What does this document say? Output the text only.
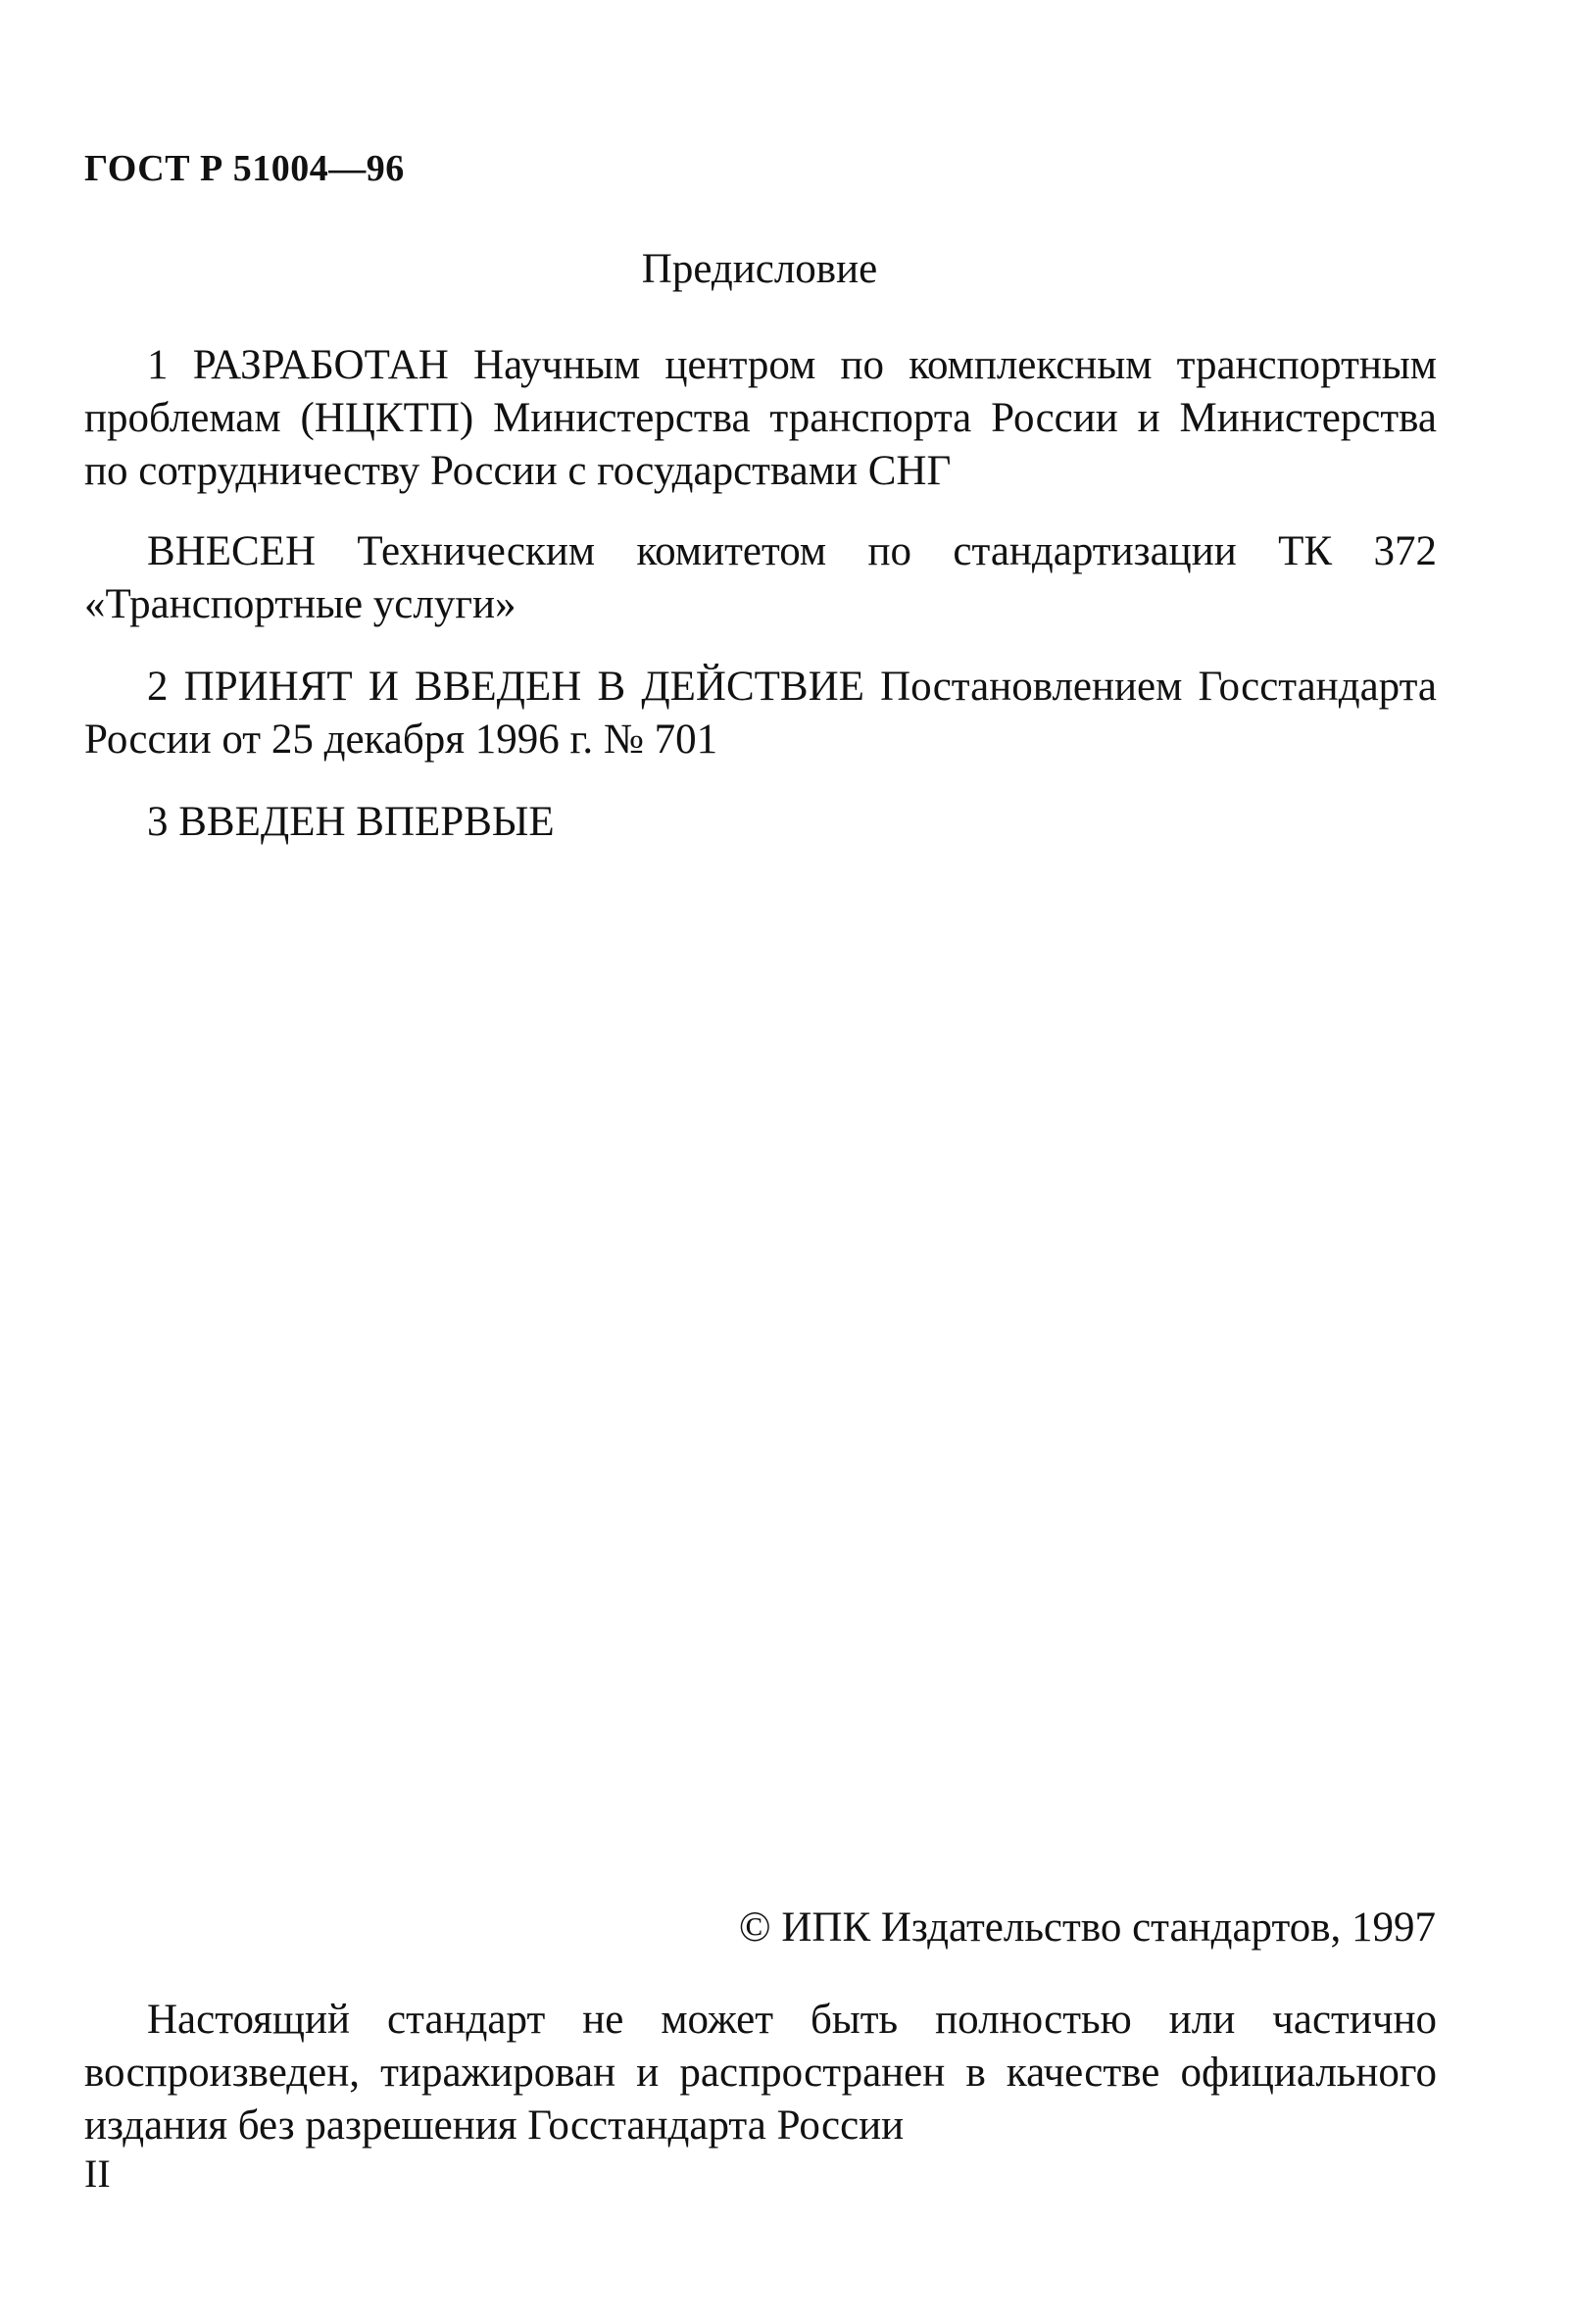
ГОСТ Р 51004—96
Предисловие
1 РАЗРАБОТАН Научным центром по комплексным транспортным проблемам (НЦКТП) Министерства транспорта России и Министерства по сотрудничеству России с государствами СНГ
ВНЕСЕН Техническим комитетом по стандартизации ТК 372 «Транспортные услуги»
2 ПРИНЯТ И ВВЕДЕН В ДЕЙСТВИЕ Постановлением Госстандарта России от 25 декабря 1996 г. № 701
3 ВВЕДЕН ВПЕРВЫЕ
© ИПК Издательство стандартов, 1997
Настоящий стандарт не может быть полностью или частично воспроизведен, тиражирован и распространен в качестве официального издания без разрешения Госстандарта России
II
